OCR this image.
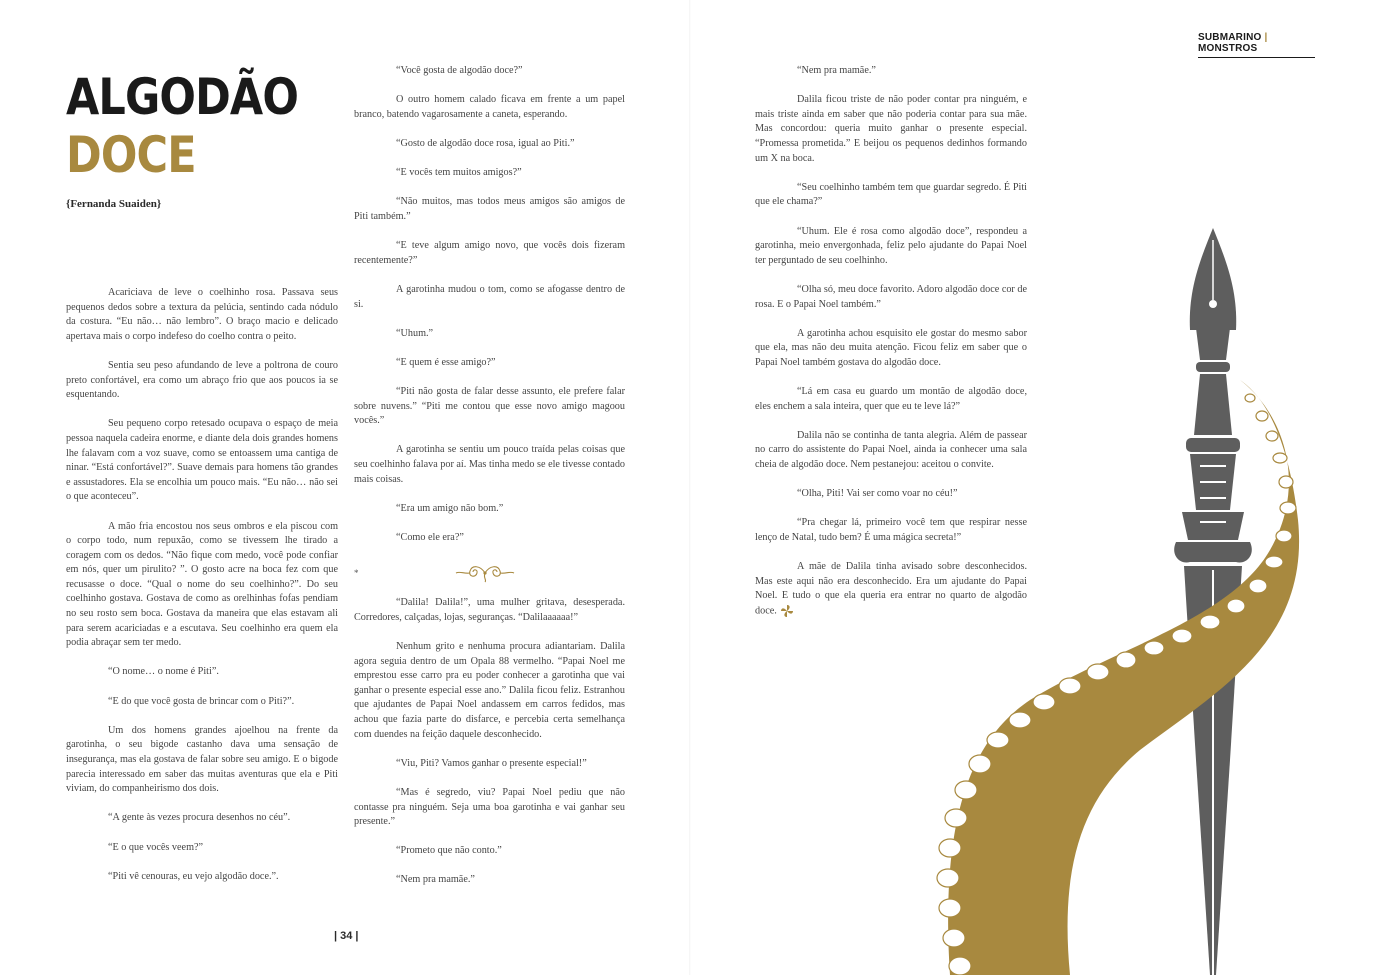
ALGODÃO
DOCE
{Fernanda Suaiden}

Acariciava de leve o coelhinho rosa. Passava seus pequenos dedos sobre a textura da pelúcia, sentindo cada nódulo da costura. “Eu não… não lembro”. O braço macio e delicado apertava mais o corpo indefeso do coelho contra o peito.

Sentia seu peso afundando de leve a poltrona de couro preto confortável, era como um abraço frio que aos poucos ia se esquentando.

Seu pequeno corpo retesado ocupava o espaço de meia pessoa naquela cadeira enorme, e diante dela dois grandes homens lhe falavam com a voz suave, como se entoassem uma cantiga de ninar. “Está confortável?”. Suave demais para homens tão grandes e assustadores. Ela se encolhia um pouco mais. “Eu não… não sei o que aconteceu”.

A mão fria encostou nos seus ombros e ela piscou com o corpo todo, num repuxão, como se tivessem lhe tirado a coragem com os dedos. “Não fique com medo, você pode confiar em nós, quer um pirulito? ”. O gosto acre na boca fez com que recusasse o doce. “Qual o nome do seu coelhinho?”. Do seu coelhinho gostava. Gostava de como as orelhinhas fofas pendiam no seu rosto sem boca. Gostava da maneira que elas estavam ali para serem acariciadas e a escutava. Seu coelhinho era quem ela podia abraçar sem ter medo.

“O nome… o nome é Piti”.

“E do que você gosta de brincar com o Piti?”.

Um dos homens grandes ajoelhou na frente da garotinha, o seu bigode castanho dava uma sensação de insegurança, mas ela gostava de falar sobre seu amigo. E o bigode parecia interessado em saber das muitas aventuras que ela e Piti viviam, do companheirismo dos dois.

“A gente às vezes procura desenhos no céu”.

“E o que vocês veem?”

“Piti vê cenouras, eu vejo algodão doce.”.

“Você gosta de algodão doce?”

O outro homem calado ficava em frente a um papel branco, batendo vagarosamente a caneta, esperando.

“Gosto de algodão doce rosa, igual ao Piti.”

“E vocês tem muitos amigos?”

“Não muitos, mas todos meus amigos são amigos de Piti também.”

“E teve algum amigo novo, que vocês dois fizeram recentemente?”

A garotinha mudou o tom, como se afogasse dentro de si.

“Uhum.”

“E quem é esse amigo?”

“Piti não gosta de falar desse assunto, ele prefere falar sobre nuvens.” “Piti me contou que esse novo amigo magoou vocês.”

A garotinha se sentiu um pouco traída pelas coisas que seu coelhinho falava por aí. Mas tinha medo se ele tivesse contado mais coisas.

“Era um amigo não bom.”

“Como ele era?”

*

“Dalila! Dalila!”, uma mulher gritava, desesperada. Corredores, calçadas, lojas, seguranças. “Dalilaaaaaa!”

Nenhum grito e nenhuma procura adiantariam. Dalila agora seguia dentro de um Opala 88 vermelho. “Papai Noel me emprestou esse carro pra eu poder conhecer a garotinha que vai ganhar o presente especial esse ano.” Dalila ficou feliz. Estranhou que ajudantes de Papai Noel andassem em carros fedidos, mas achou que fazia parte do disfarce, e percebia certa semelhança com duendes na feição daquele desconhecido.

“Viu, Piti? Vamos ganhar o presente especial!”

“Mas é segredo, viu? Papai Noel pediu que não contasse pra ninguém. Seja uma boa garotinha e vai ganhar seu presente.”

“Prometo que não conto.”

“Nem pra mamãe.”

| 34 |
SUBMARINO | MONSTROS

“Nem pra mamãe.”

Dalila ficou triste de não poder contar pra ninguém, e mais triste ainda em saber que não poderia contar para sua mãe. Mas concordou: queria muito ganhar o presente especial. “Promessa prometida.” E beijou os pequenos dedinhos formando um X na boca.

“Seu coelhinho também tem que guardar segredo. É Piti que ele chama?”

“Uhum. Ele é rosa como algodão doce”, respondeu a garotinha, meio envergonhada, feliz pelo ajudante do Papai Noel ter perguntado de seu coelhinho.

“Olha só, meu doce favorito. Adoro algodão doce cor de rosa. E o Papai Noel também.”

A garotinha achou esquisito ele gostar do mesmo sabor que ela, mas não deu muita atenção. Ficou feliz em saber que o Papai Noel também gostava do algodão doce.

“Lá em casa eu guardo um montão de algodão doce, eles enchem a sala inteira, quer que eu te leve lá?”

Dalila não se continha de tanta alegria. Além de passear no carro do assistente do Papai Noel, ainda ia conhecer uma sala cheia de algodão doce. Nem pestanejou: aceitou o convite.

“Olha, Piti! Vai ser como voar no céu!”

“Pra chegar lá, primeiro você tem que respirar nesse lenço de Natal, tudo bem? É uma mágica secreta!”

A mãe de Dalila tinha avisado sobre desconhecidos. Mas este aqui não era desconhecido. Era um ajudante do Papai Noel. E tudo o que ela queria era entrar no quarto de algodão doce.
